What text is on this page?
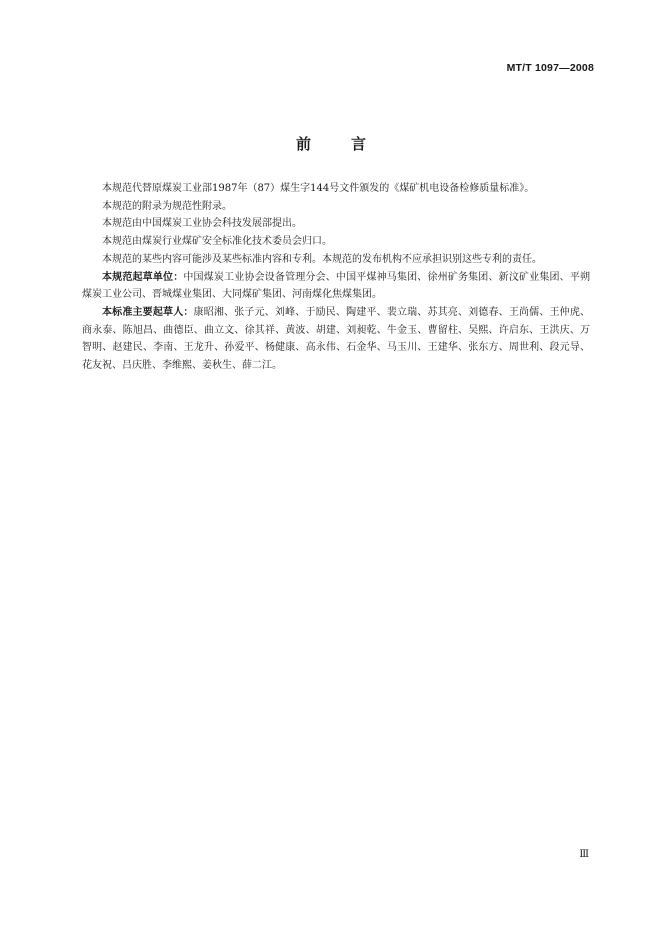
MT/T 1097—2008
前言

本规范代替原煤炭工业部1987年（87）煤生字144号文件颁发的《煤矿机电设备检修质量标准》。

本规范的附录为规范性附录。

本规范由中国煤炭工业协会科技发展部提出。

本规范由煤炭行业煤矿安全标准化技术委员会归口。

本规范的某些内容可能涉及某些标准内容和专利。本规范的发布机构不应承担识别这些专利的责任。

本规范起草单位：中国煤炭工业协会设备管理分会、中国平煤神马集团、徐州矿务集团、新汶矿业集团、平朔煤炭工业公司、晋城煤业集团、大同煤矿集团、河南煤化焦煤集团。

本标准主要起草人：康昭湘、张子元、刘峰、于励民、陶建平、裴立瑞、苏其亮、刘德春、王尚儒、王仲虎、商永泰、陈旭昌、曲德臣、曲立文、徐其祥、黄波、胡建、刘昶乾、牛金玉、曹留柱、吴熙、许启东、王洪庆、万智明、赵建民、李南、王龙升、孙爱平、杨健康、高永伟、石金华、马玉川、王建华、张东方、周世利、段元导、花友祝、吕庆胜、李维熙、姜秋生、薛二江。

Ⅲ
